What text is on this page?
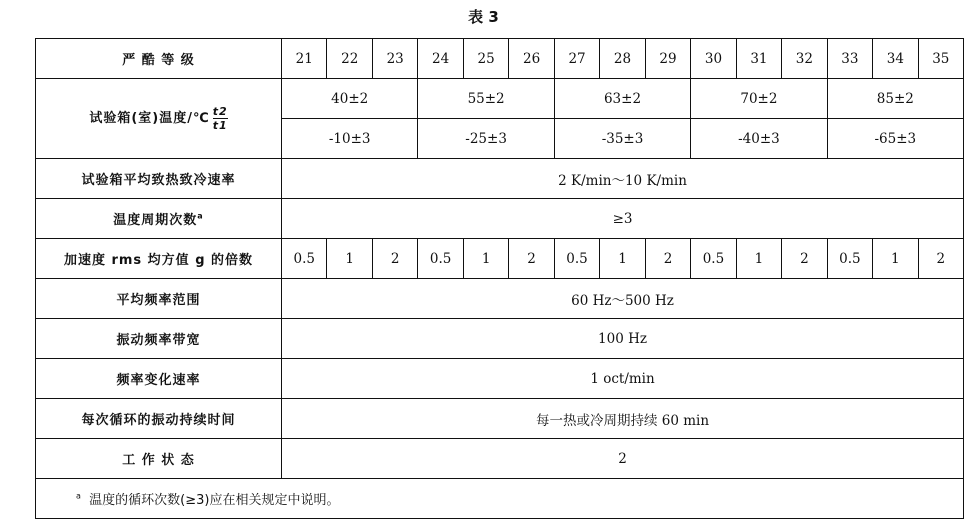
表 3
严 酷 等 级	21	22	23	24	25	26	27	28	29	30	31	32	33	34	35
试验箱(室)温度/℃ $\frac{t2}{t1}$	40±2			55±2			63±2			70±2			85±2		
	-10±3			-25±3			-35±3			-40±3			-65±3		
试验箱平均致热致冷速率	2 K/min～10 K/min														
温度周期次数$^a$	≥3														
加速度 rms 均方值 g 的倍数	0.5	1	2	0.5	1	2	0.5	1	2	0.5	1	2	0.5	1	2
平均频率范围	60 Hz～500 Hz														
振动频率带宽	100 Hz														
频率变化速率	1 oct/min														
每次循环的振动持续时间	每一热或冷周期持续 60 min														
工 作 状 态	2														
$^a$ 温度的循环次数(≥3)应在相关规定中说明。															
